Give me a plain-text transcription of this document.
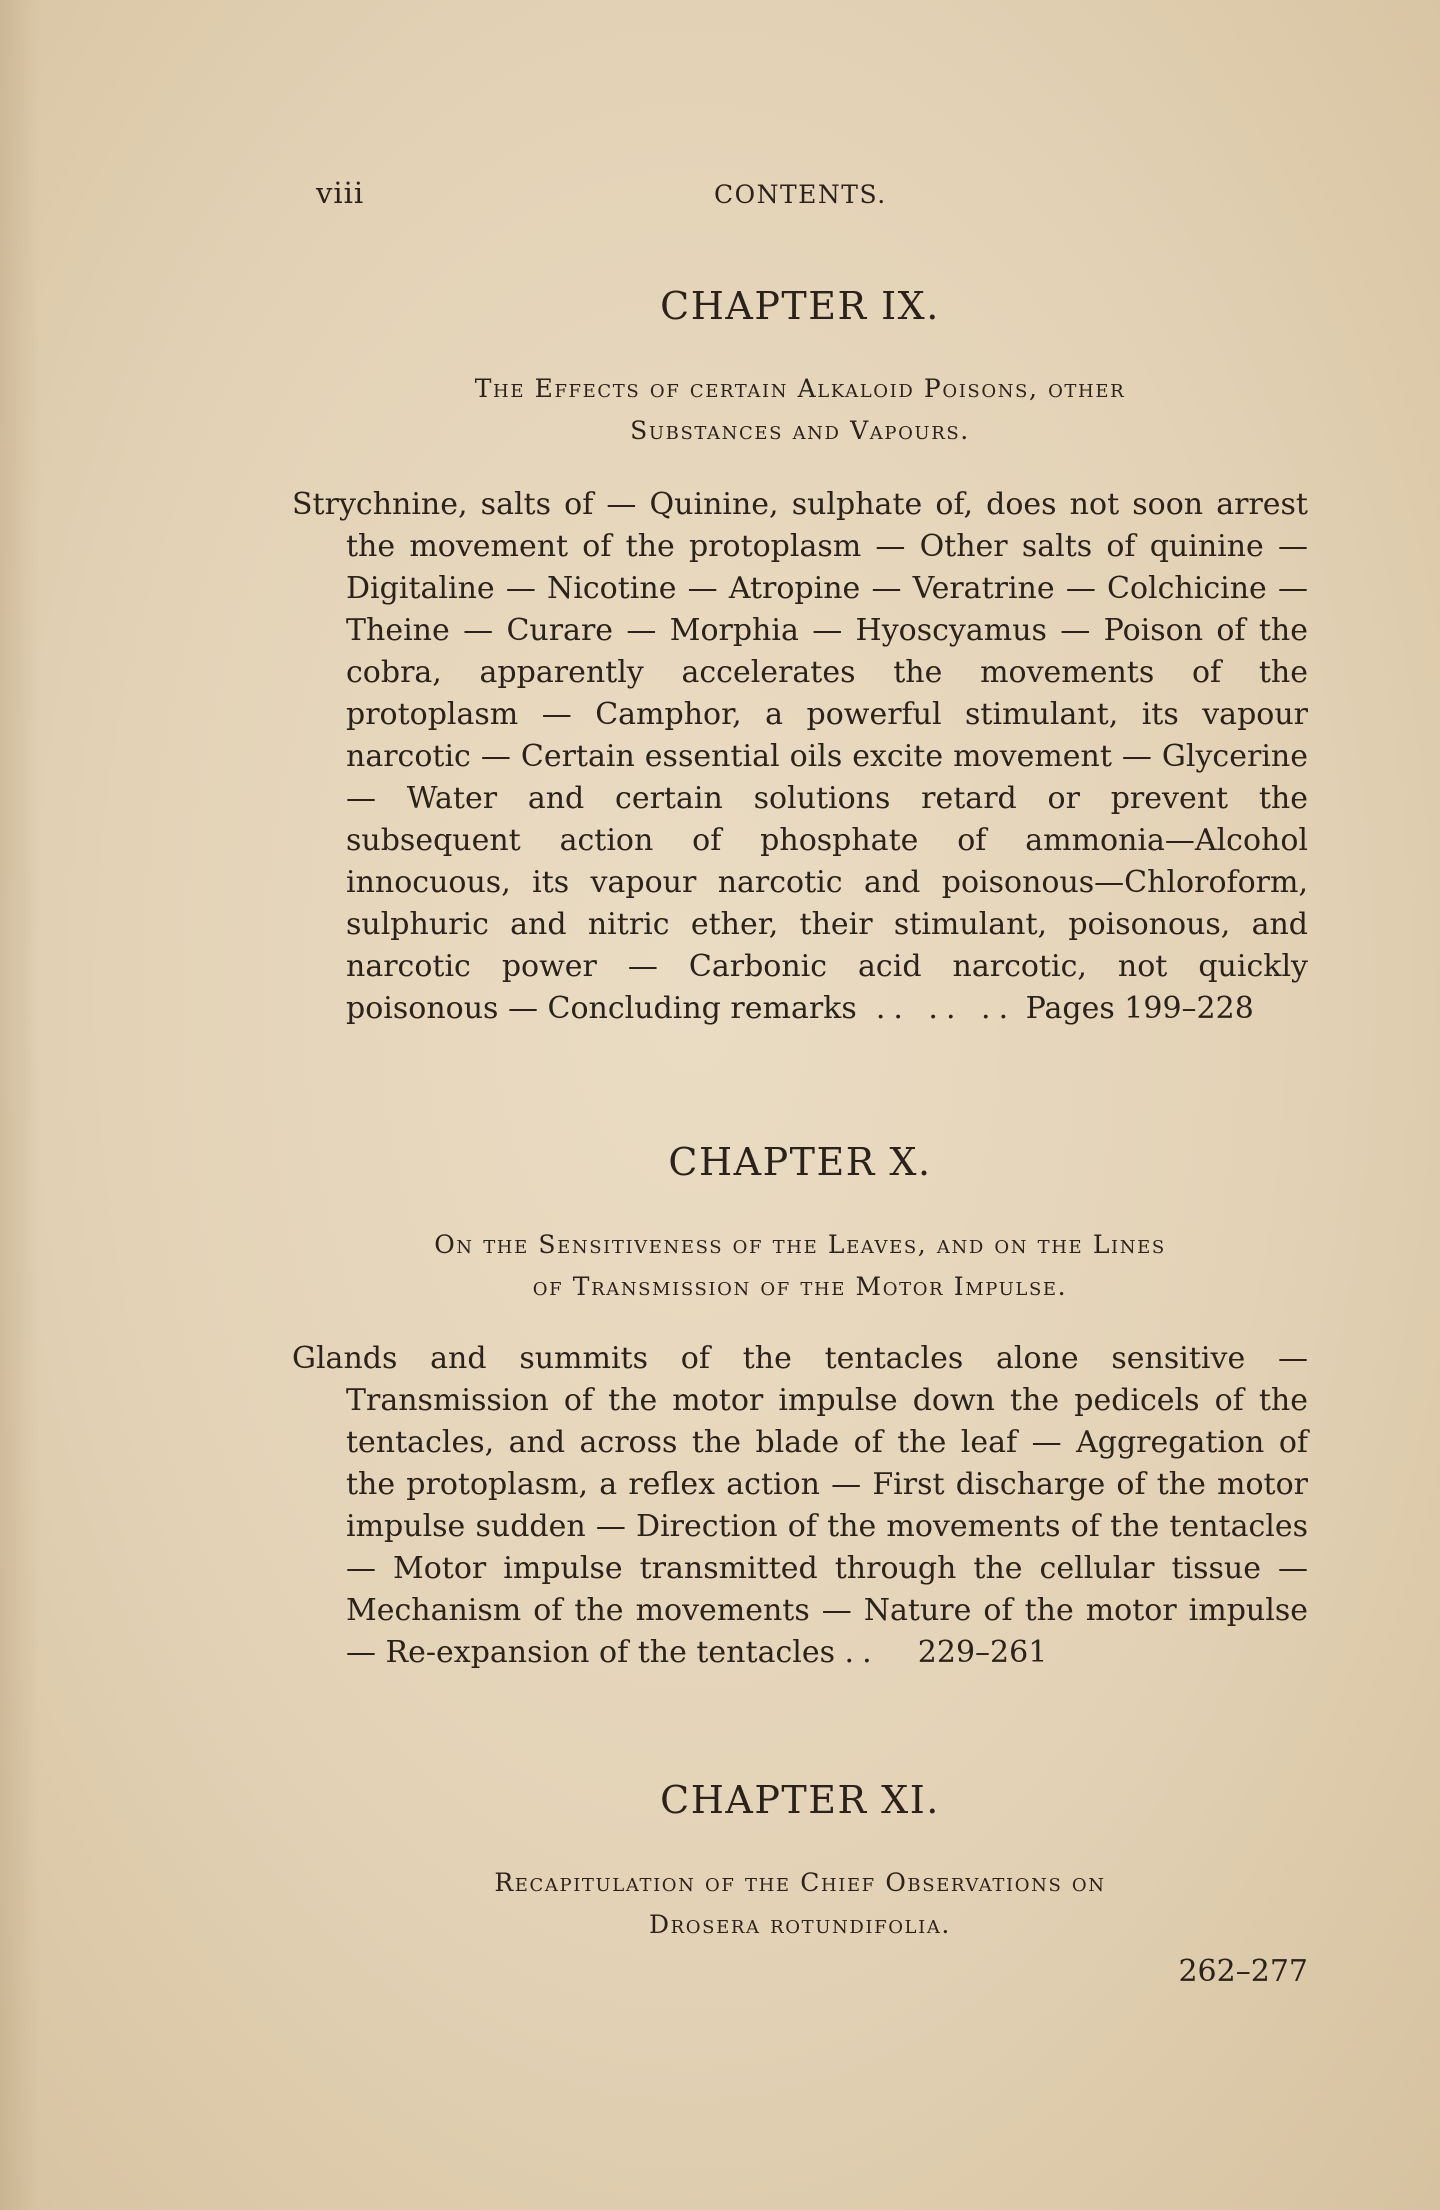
viii	CONTENTS.
CHAPTER IX.

The Effects of certain Alkaloid Poisons, other
Substances and Vapours.

Strychnine, salts of — Quinine, sulphate of, does not soon arrest the movement of the protoplasm — Other salts of quinine — Digitaline — Nicotine — Atropine — Veratrine — Colchicine — Theine — Curare — Morphia — Hyoscyamus — Poison of the cobra, apparently accelerates the movements of the protoplasm — Camphor, a powerful stimulant, its vapour narcotic — Certain essential oils excite movement — Glycerine — Water and certain solutions retard or prevent the subsequent action of phosphate of ammonia—Alcohol innocuous, its vapour narcotic and poisonous—Chloroform, sulphuric and nitric ether, their stimulant, poisonous, and narcotic power — Carbonic acid narcotic, not quickly poisonous — Concluding remarks .. .. .. Pages 199–228

CHAPTER X.

On the Sensitiveness of the Leaves, and on the Lines
of Transmission of the Motor Impulse.

Glands and summits of the tentacles alone sensitive — Transmission of the motor impulse down the pedicels of the tentacles, and across the blade of the leaf — Aggregation of the protoplasm, a reflex action — First discharge of the motor impulse sudden — Direction of the movements of the tentacles — Motor impulse transmitted through the cellular tissue — Mechanism of the movements — Nature of the motor impulse — Re-expansion of the tentacles .. 229–261

CHAPTER XI.

Recapitulation of the Chief Observations on
Drosera rotundifolia.

262–277
